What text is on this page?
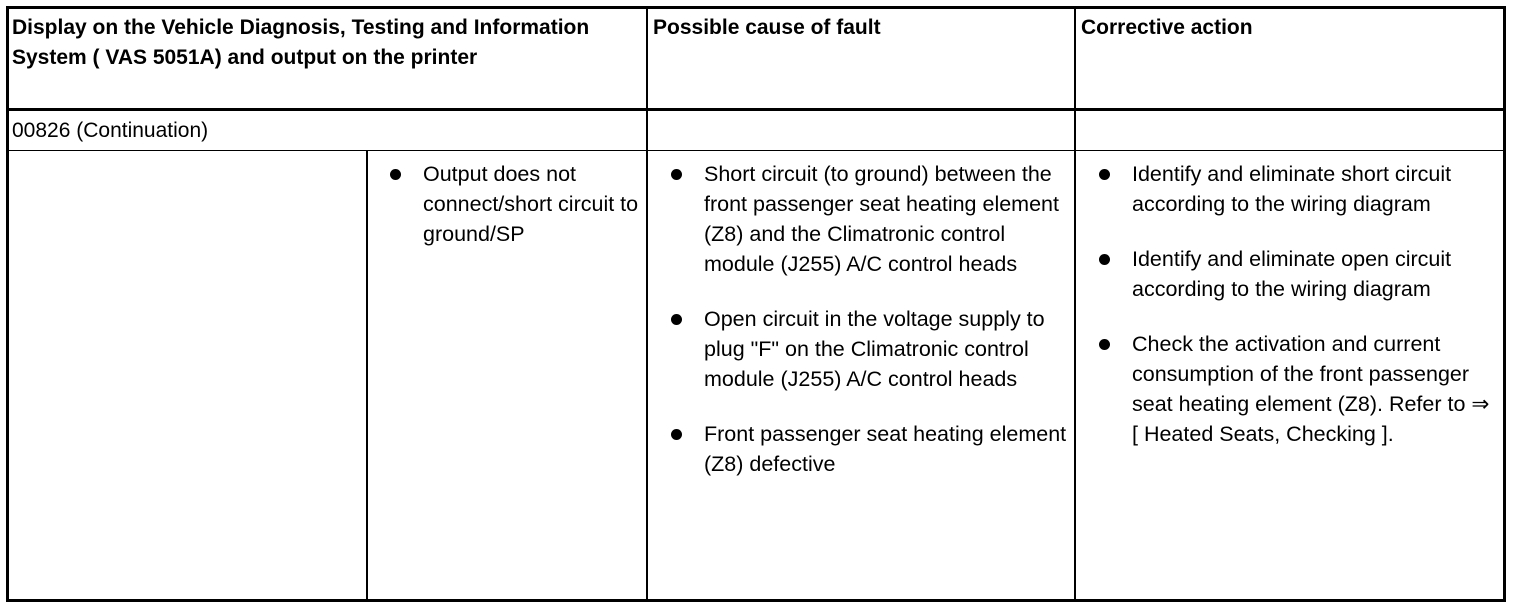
Display on the Vehicle Diagnosis, Testing and Information System ( VAS 5051A) and output on the printer
Possible cause of fault	Corrective action
00826 (Continuation)
Output does not connect/short circuit to ground/SP
Short circuit (to ground) between the front passenger seat heating element (Z8) and the Climatronic control module (J255) A/C control heads
Open circuit in the voltage supply to plug "F" on the Climatronic control module (J255) A/C control heads
Front passenger seat heating element (Z8) defective
Identify and eliminate short circuit according to the wiring diagram
Identify and eliminate open circuit according to the wiring diagram
Check the activation and current consumption of the front passenger seat heating element (Z8). Refer to ⇒ [ Heated Seats, Checking ].
